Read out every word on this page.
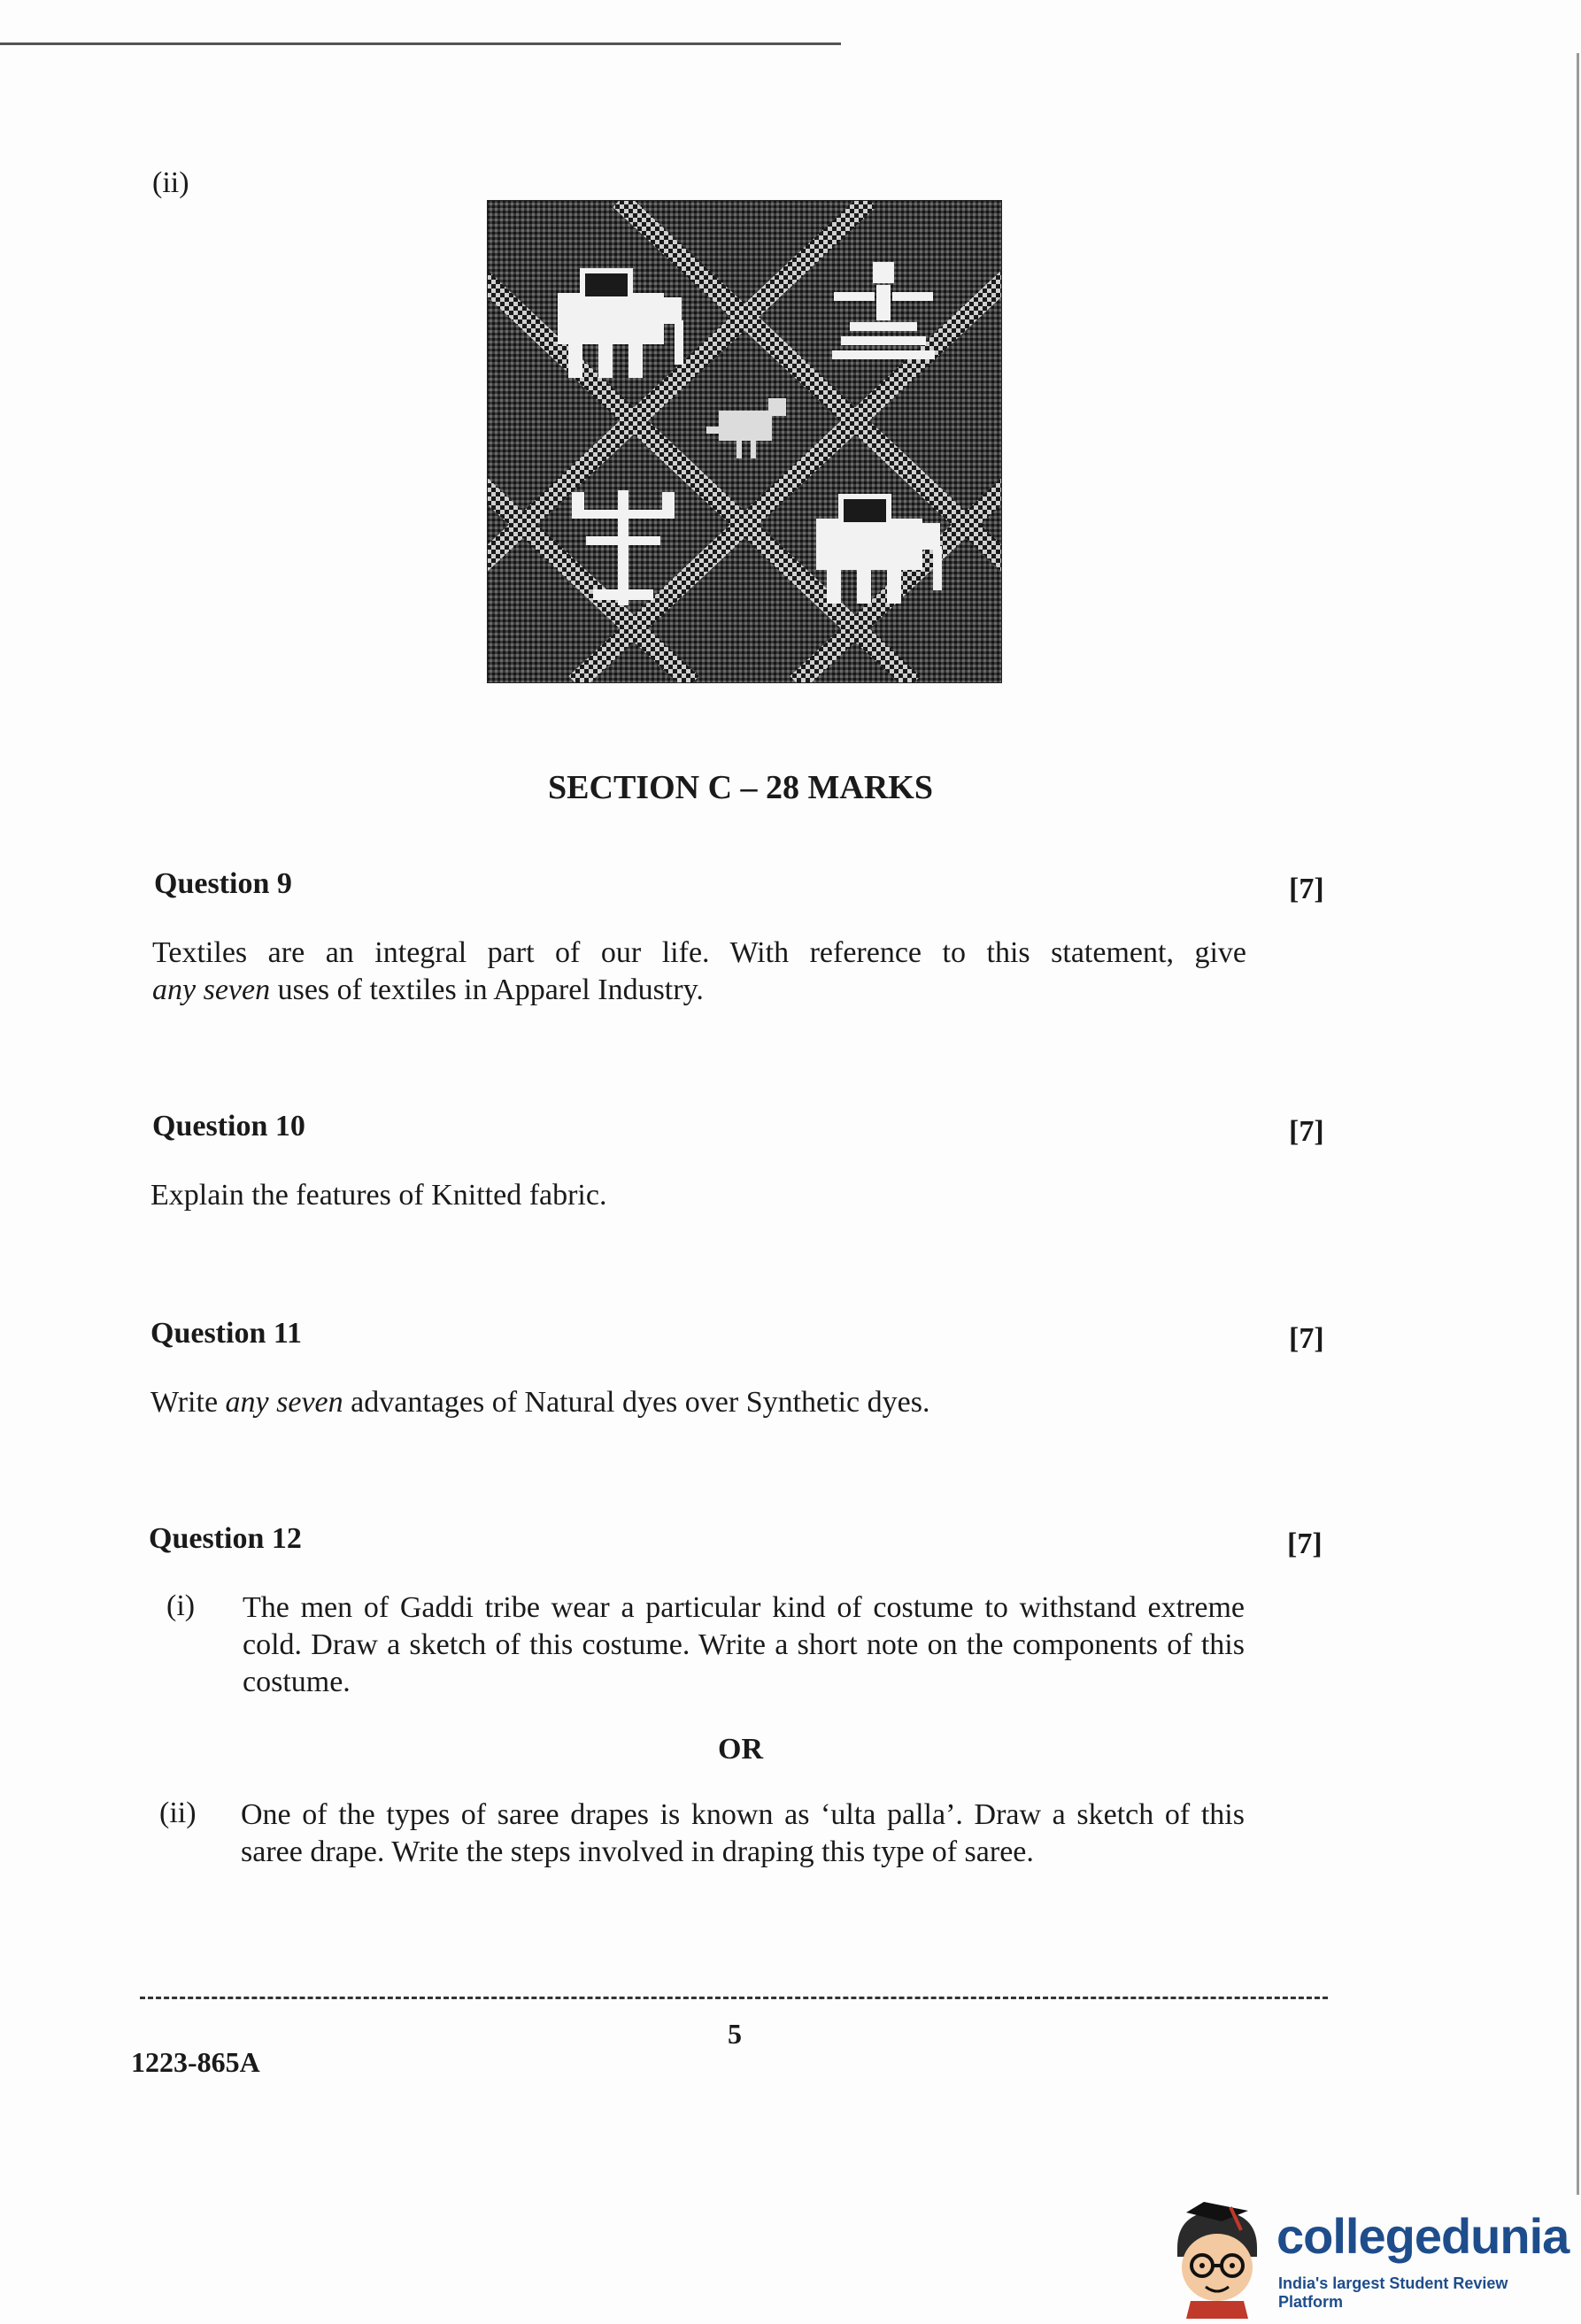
(ii)
SECTION C – 28 MARKS
Question 9	[7]
Textiles are an integral part of our life. With reference to this statement, give
any seven uses of textiles in Apparel Industry.
Question 10	[7]
Explain the features of Knitted fabric.
Question 11	[7]
Write any seven advantages of Natural dyes over Synthetic dyes.
Question 12	[7]
(i) The men of Gaddi tribe wear a particular kind of costume to withstand extreme cold. Draw a sketch of this costume. Write a short note on the components of this costume.
OR
(ii) One of the types of saree drapes is known as ‘ulta palla’. Draw a sketch of this saree drape. Write the steps involved in draping this type of saree.
5
1223-865A
collegedunia
India's largest Student Review Platform
